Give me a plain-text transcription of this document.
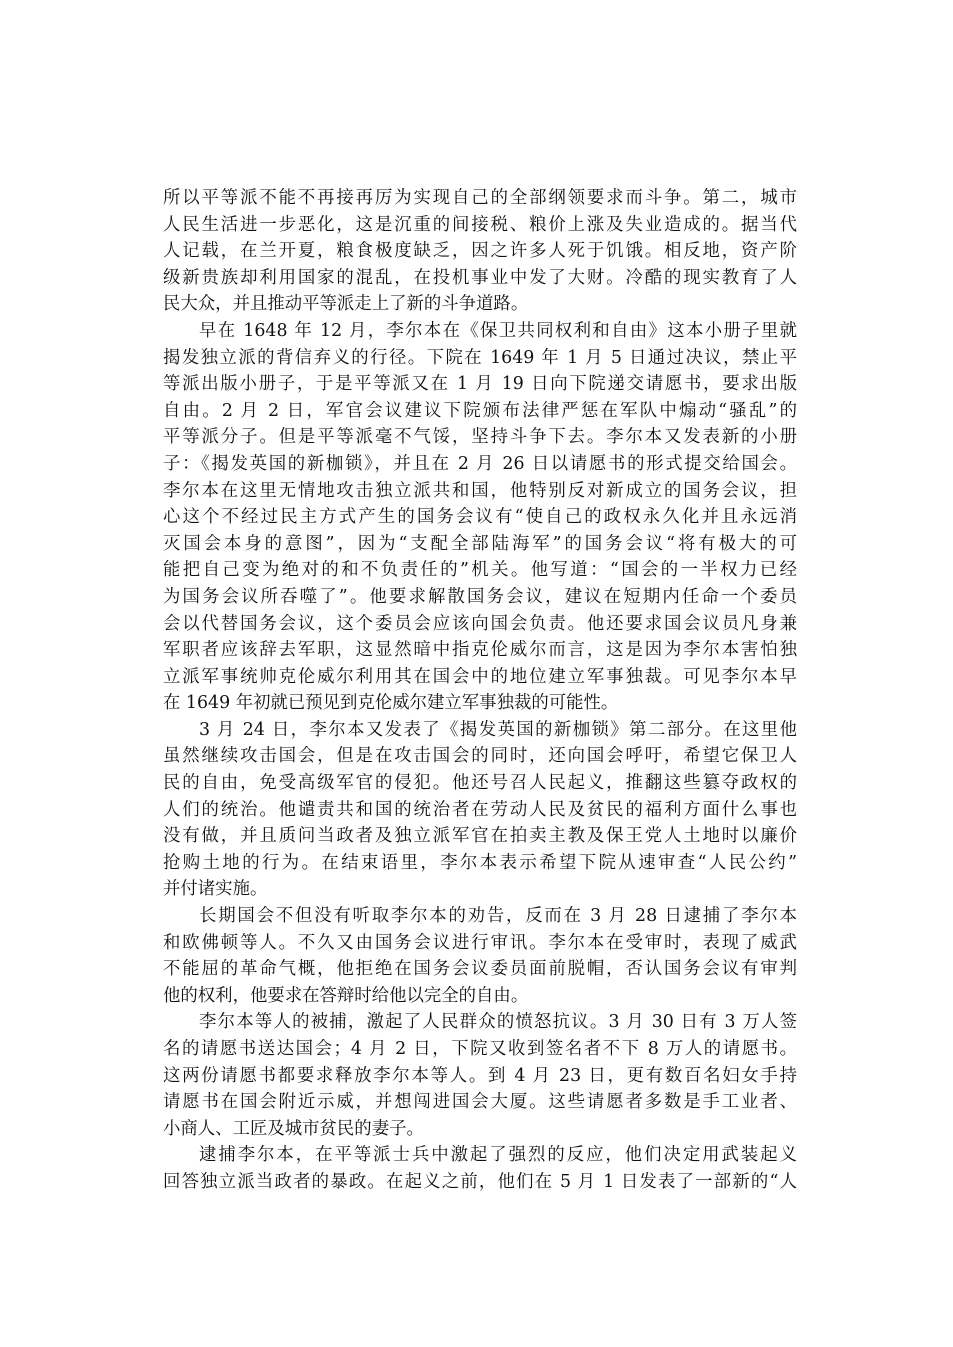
所以平等派不能不再接再厉为实现自己的全部纲领要求而斗争。第二，城市
人民生活进一步恶化，这是沉重的间接税、粮价上涨及失业造成的。据当代
人记载，在兰开夏，粮食极度缺乏，因之许多人死于饥饿。相反地，资产阶
级新贵族却利用国家的混乱，在投机事业中发了大财。冷酷的现实教育了人
民大众，并且推动平等派走上了新的斗争道路。
早在 1648 年 12 月，李尔本在《保卫共同权利和自由》这本小册子里就
揭发独立派的背信弃义的行径。下院在 1649 年 1 月 5 日通过决议，禁止平
等派出版小册子，于是平等派又在 1 月 19 日向下院递交请愿书，要求出版
自由。2 月 2 日，军官会议建议下院颁布法律严惩在军队中煽动“骚乱”的
平等派分子。但是平等派毫不气馁，坚持斗争下去。李尔本又发表新的小册
子：《揭发英国的新枷锁》，并且在 2 月 26 日以请愿书的形式提交给国会。
李尔本在这里无情地攻击独立派共和国，他特别反对新成立的国务会议，担
心这个不经过民主方式产生的国务会议有“使自己的政权永久化并且永远消
灭国会本身的意图”，因为“支配全部陆海军”的国务会议“将有极大的可
能把自己变为绝对的和不负责任的”机关。他写道：“国会的一半权力已经
为国务会议所吞噬了”。他要求解散国务会议，建议在短期内任命一个委员
会以代替国务会议，这个委员会应该向国会负责。他还要求国会议员凡身兼
军职者应该辞去军职，这显然暗中指克伦威尔而言，这是因为李尔本害怕独
立派军事统帅克伦威尔利用其在国会中的地位建立军事独裁。可见李尔本早
在 1649 年初就已预见到克伦威尔建立军事独裁的可能性。
3 月 24 日，李尔本又发表了《揭发英国的新枷锁》第二部分。在这里他
虽然继续攻击国会，但是在攻击国会的同时，还向国会呼吁，希望它保卫人
民的自由，免受高级军官的侵犯。他还号召人民起义，推翻这些篡夺政权的
人们的统治。他谴责共和国的统治者在劳动人民及贫民的福利方面什么事也
没有做，并且质问当政者及独立派军官在拍卖主教及保王党人土地时以廉价
抢购土地的行为。在结束语里，李尔本表示希望下院从速审查“人民公约”
并付诸实施。
长期国会不但没有听取李尔本的劝告，反而在 3 月 28 日逮捕了李尔本
和欧佛顿等人。不久又由国务会议进行审讯。李尔本在受审时，表现了威武
不能屈的革命气概，他拒绝在国务会议委员面前脱帽，否认国务会议有审判
他的权利，他要求在答辩时给他以完全的自由。
李尔本等人的被捕，激起了人民群众的愤怒抗议。3 月 30 日有 3 万人签
名的请愿书送达国会；4 月 2 日，下院又收到签名者不下 8 万人的请愿书。
这两份请愿书都要求释放李尔本等人。到 4 月 23 日，更有数百名妇女手持
请愿书在国会附近示威，并想闯进国会大厦。这些请愿者多数是手工业者、
小商人、工匠及城市贫民的妻子。
逮捕李尔本，在平等派士兵中激起了强烈的反应，他们决定用武装起义
回答独立派当政者的暴政。在起义之前，他们在 5 月 1 日发表了一部新的“人
